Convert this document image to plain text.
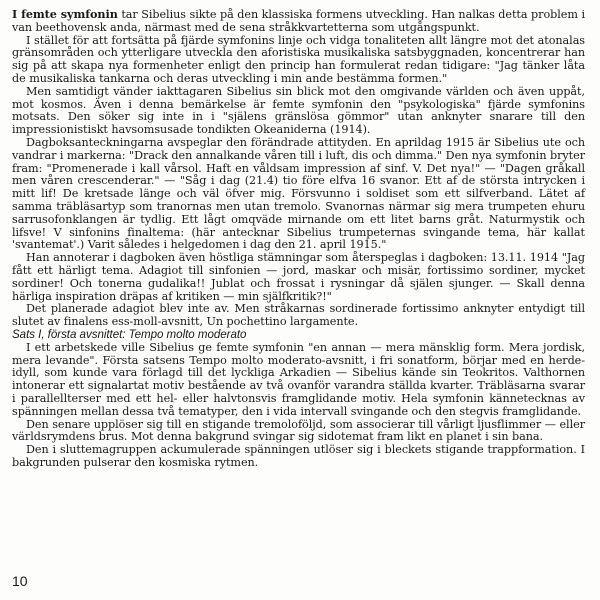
I femte symfonin tar Sibelius sikte på den klassiska formens utveckling. Han nalkas detta problem i van beethovensk anda, närmast med de sena stråkkvartetterna som utgångspunkt.

I stället för att fortsätta på fjärde symfonins linje och vidga tonaliteten allt längre mot det atonalas gränsområden och ytterligare utveckla den aforistiska musikaliska satsbyggnaden, koncentrerar han sig på att skapa nya formenheter enligt den princip han formulerat redan tidigare: "Jag tänker låta de musikaliska tankarna och deras utveckling i min ande bestämma formen."

Men samtidigt vänder iakttagaren Sibelius sin blick mot den omgivande världen och även uppåt, mot kosmos. Även i denna bemärkelse är femte symfonin den "psykologiska" fjärde symfonins motsats. Den söker sig inte in i "själens gränslösa gömmor" utan anknyter snarare till den impressionistiskt havsomsusade tondikten Okeaniderna (1914).

Dagboksanteckningarna avspeglar den förändrade attityden. En aprildag 1915 är Sibelius ute och vandrar i markerna: "Drack den annalkande våren till i luft, dis och dimma." Den nya symfonin bryter fram: "Promenerade i kall vårsol. Haft en våldsam impression af sinf. V. Det nya!" — "Dagen gråkall men våren crescenderar." — "Såg i dag (21.4) tio före elfva 16 svanor. Ett af de största intrycken i mitt lif! De kretsade länge och väl öfver mig. Försvunno i soldiset som ett silfverband. Lätet af samma träbläsartyp som tranornas men utan tremolo. Svanornas närmar sig mera trumpeten ehuru sarrusofonklangen är tydlig. Ett lågt omqväde mirnande om ett litet barns gråt. Naturmystik och lifsve! V sinfonins finaltema: (här antecknar Sibelius trumpeternas svingande tema, här kallat 'svantemat'.) Varit således i helgedomen i dag den 21. april 1915."

Han annoterar i dagboken även höstliga stämningar som återspeglas i dagboken: 13.11. 1914 "Jag fått ett härligt tema. Adagiot till sinfonien — jord, maskar och misär, fortissimo sordiner, mycket sordiner! Och tonerna gudalika!! Jublat och frossat i rysningar då själen sjunger. — Skall denna härliga inspiration dräpas af kritiken — min själfkritik?!"

Det planerade adagiot blev inte av. Men stråkarnas sordinerade fortissimo anknyter entydigt till slutet av finalens ess-moll-avsnitt, Un pochettino largamente.

Sats I, första avsnittet: Tempo molto moderato

I ett arbetskede ville Sibelius ge femte symfonin "en annan — mera mänsklig form. Mera jordisk, mera levande". Första satsens Tempo molto moderato-avsnitt, i fri sonatform, börjar med en herde-idyll, som kunde vara förlagd till det lyckliga Arkadien — Sibelius kände sin Teokritos. Valthornen intonerar ett signalartat motiv bestående av två ovanför varandra ställda kvarter. Träbläsarna svarar i parallellterser med ett hel- eller halvtonsvis framglidande motiv. Hela symfonin kännetecknas av spänningen mellan dessa två tematyper, den i vida intervall svingande och den stegvis framglidande.

Den senare upplöser sig till en stigande tremolofölјd, som associerar till vårligt ljusflimmer — eller världsrymdens brus. Mot denna bakgrund svingar sig sidotemat fram likt en planet i sin bana.

Den i sluttemagruppen ackumulerade spänningen utlöser sig i bleckets stigande trappformation. I bakgrunden pulserar den kosmiska rytmen.

10
